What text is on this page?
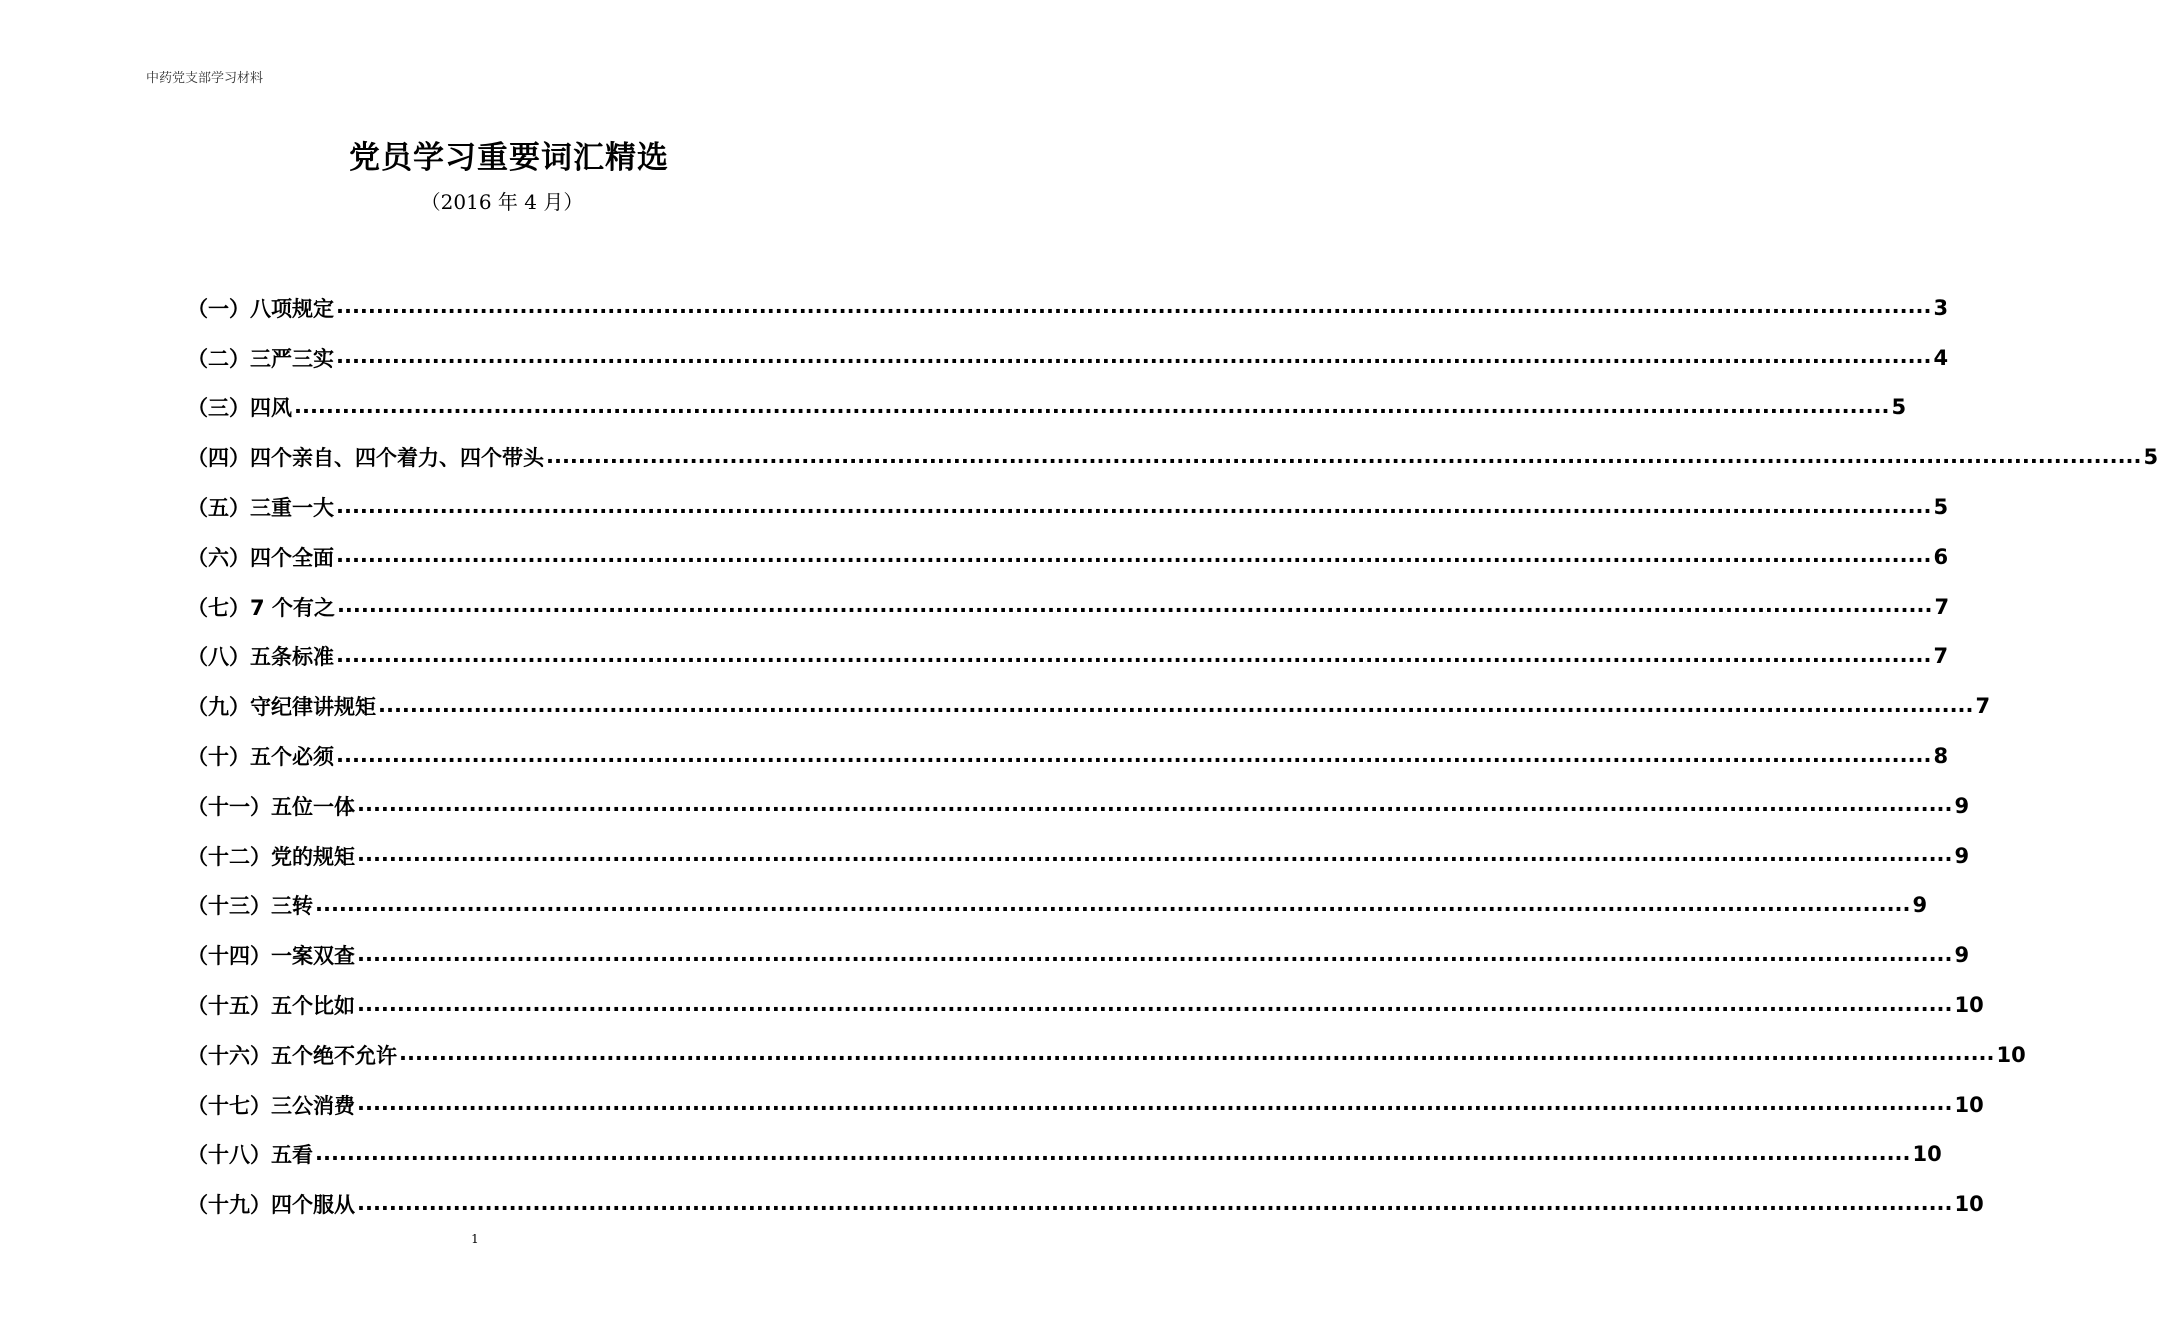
中药党支部学习材料
党员学习重要词汇精选
（2016 年 4 月）
（一）八项规定 ........................................................................................................................................................................................................ 3
（二）三严三实 ........................................................................................................................................................................................................ 4
（三）四风 ........................................................................................................................................................................................................ 5
（四）四个亲自、四个着力、四个带头 ........................................................................................................................................................................................................ 5
（五）三重一大 ........................................................................................................................................................................................................ 5
（六）四个全面 ........................................................................................................................................................................................................ 6
（七）7 个有之 ........................................................................................................................................................................................................ 7
（八）五条标准 ........................................................................................................................................................................................................ 7
（九）守纪律讲规矩 ........................................................................................................................................................................................................ 7
（十）五个必须 ........................................................................................................................................................................................................ 8
（十一）五位一体 ........................................................................................................................................................................................................ 9
（十二）党的规矩 ........................................................................................................................................................................................................ 9
（十三）三转 ........................................................................................................................................................................................................ 9
（十四）一案双查 ........................................................................................................................................................................................................ 9
（十五）五个比如 ........................................................................................................................................................................................................ 10
（十六）五个绝不允许 ........................................................................................................................................................................................................ 10
（十七）三公消费 ........................................................................................................................................................................................................ 10
（十八）五看 ........................................................................................................................................................................................................ 10
（十九）四个服从 ........................................................................................................................................................................................................ 10
1
